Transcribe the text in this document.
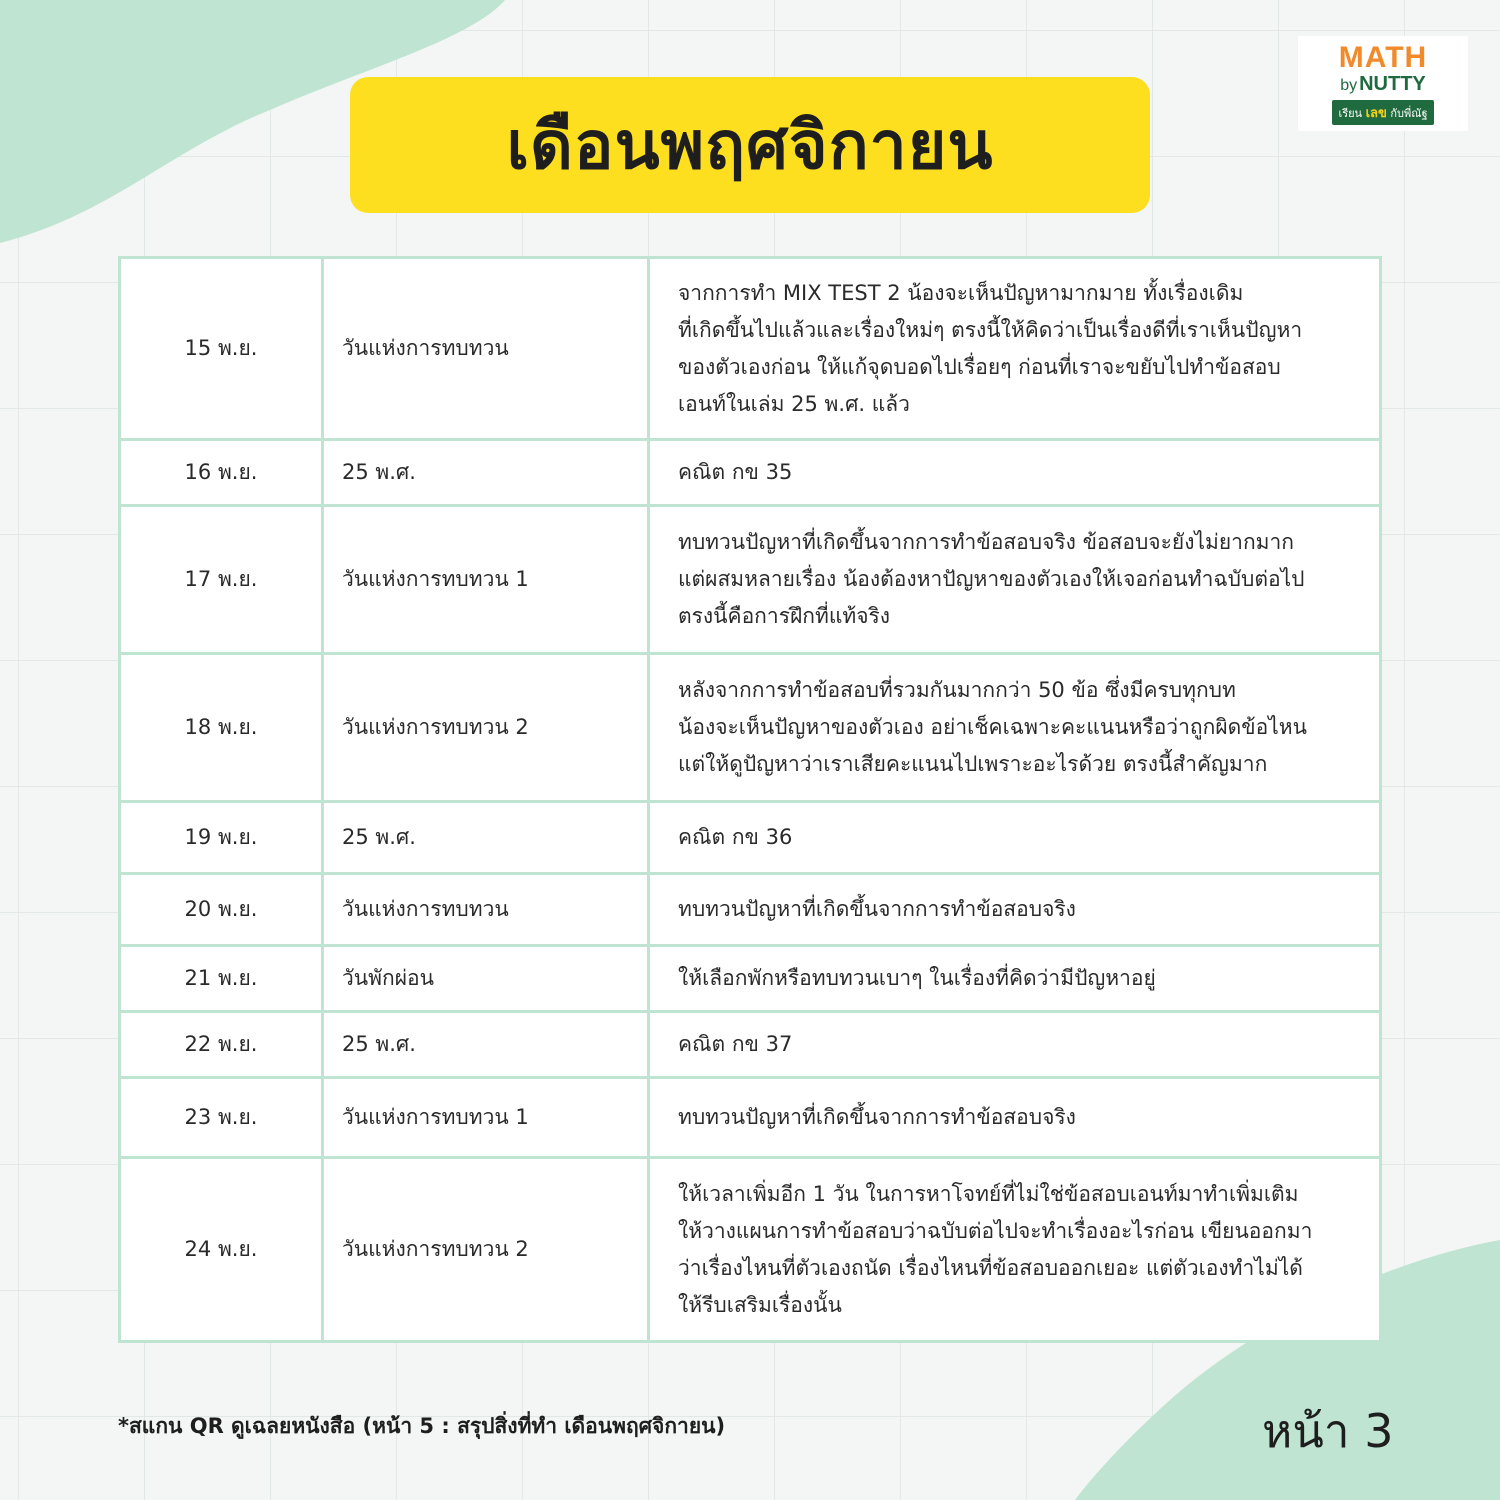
MATH
by NUTTY
เรียน เลข กับพี่ณัฐ
เดือนพฤศจิกายน
15 พ.ย.	วันแห่งการทบทวน	จากการทำ MIX TEST 2 น้องจะเห็นปัญหามากมาย ทั้งเรื่องเดิม
ที่เกิดขึ้นไปแล้วและเรื่องใหม่ๆ ตรงนี้ให้คิดว่าเป็นเรื่องดีที่เราเห็นปัญหา
ของตัวเองก่อน ให้แก้จุดบอดไปเรื่อยๆ ก่อนที่เราจะขยับไปทำข้อสอบ
เอนท์ในเล่ม 25 พ.ศ. แล้ว

16 พ.ย.	25 พ.ศ.	คณิต กข 35

17 พ.ย.	วันแห่งการทบทวน 1	ทบทวนปัญหาที่เกิดขึ้นจากการทำข้อสอบจริง ข้อสอบจะยังไม่ยากมาก
แต่ผสมหลายเรื่อง น้องต้องหาปัญหาของตัวเองให้เจอก่อนทำฉบับต่อไป
ตรงนี้คือการฝึกที่แท้จริง

18 พ.ย.	วันแห่งการทบทวน 2	หลังจากการทำข้อสอบที่รวมกันมากกว่า 50 ข้อ ซึ่งมีครบทุกบท
น้องจะเห็นปัญหาของตัวเอง อย่าเช็คเฉพาะคะแนนหรือว่าถูกผิดข้อไหน
แต่ให้ดูปัญหาว่าเราเสียคะแนนไปเพราะอะไรด้วย ตรงนี้สำคัญมาก

19 พ.ย.	25 พ.ศ.	คณิต กข 36

20 พ.ย.	วันแห่งการทบทวน	ทบทวนปัญหาที่เกิดขึ้นจากการทำข้อสอบจริง

21 พ.ย.	วันพักผ่อน	ให้เลือกพักหรือทบทวนเบาๆ ในเรื่องที่คิดว่ามีปัญหาอยู่

22 พ.ย.	25 พ.ศ.	คณิต กข 37

23 พ.ย.	วันแห่งการทบทวน 1	ทบทวนปัญหาที่เกิดขึ้นจากการทำข้อสอบจริง

24 พ.ย.	วันแห่งการทบทวน 2	ให้เวลาเพิ่มอีก 1 วัน ในการหาโจทย์ที่ไม่ใช่ข้อสอบเอนท์มาทำเพิ่มเติม
ให้วางแผนการทำข้อสอบว่าฉบับต่อไปจะทำเรื่องอะไรก่อน เขียนออกมา
ว่าเรื่องไหนที่ตัวเองถนัด เรื่องไหนที่ข้อสอบออกเยอะ แต่ตัวเองทำไม่ได้
ให้รีบเสริมเรื่องนั้น
*สแกน QR ดูเฉลยหนังสือ (หน้า 5 : สรุปสิ่งที่ทำ เดือนพฤศจิกายน)	หน้า 3
